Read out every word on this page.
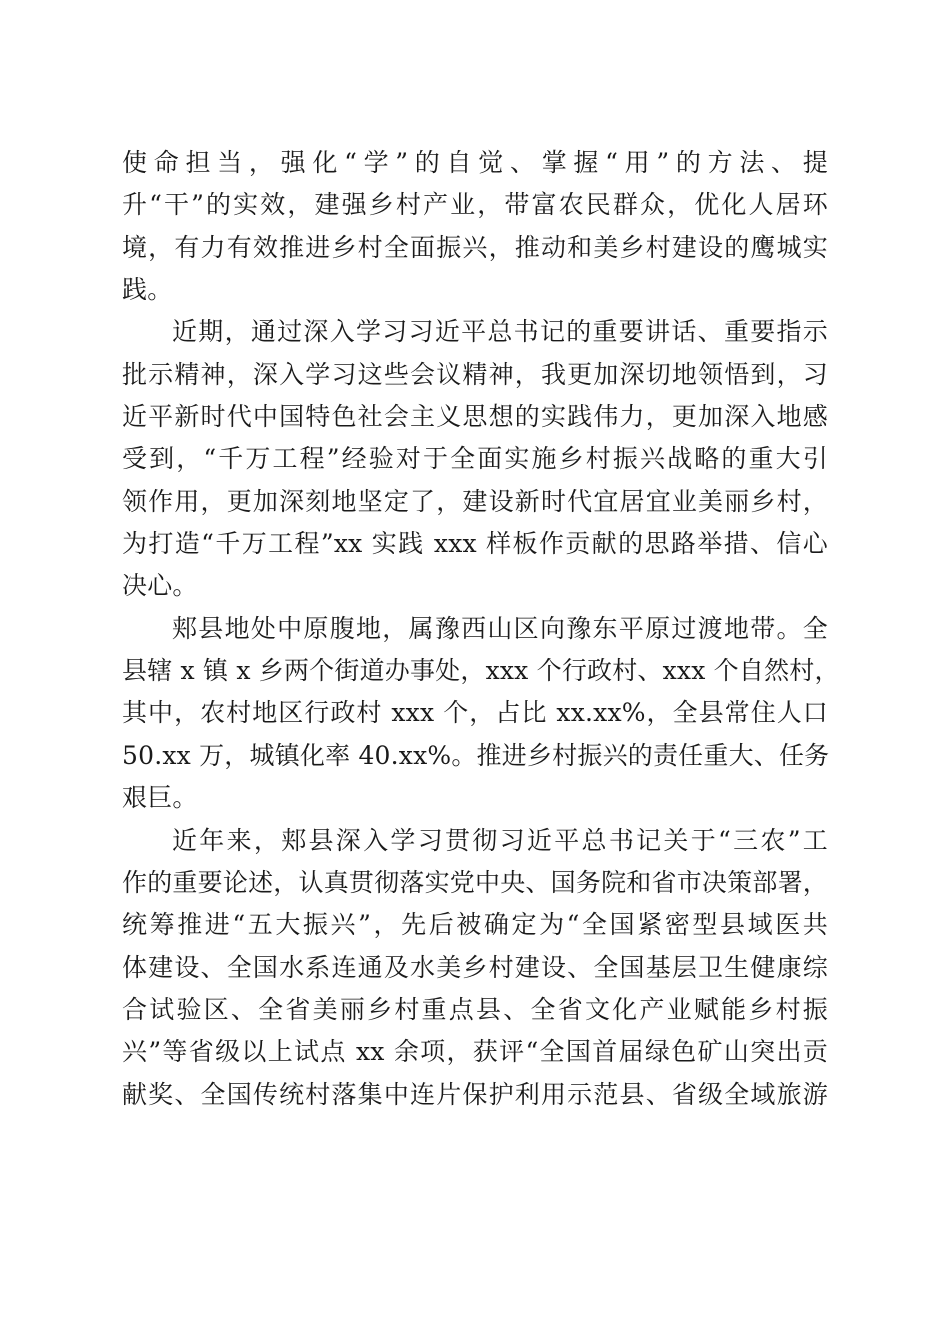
使命担当，强化“学”的自觉、掌握“用”的方法、提
升“干”的实效，建强乡村产业，带富农民群众，优化人居环
境，有力有效推进乡村全面振兴，推动和美乡村建设的鹰城实
践。
近期，通过深入学习习近平总书记的重要讲话、重要指示
批示精神，深入学习这些会议精神，我更加深切地领悟到，习
近平新时代中国特色社会主义思想的实践伟力，更加深入地感
受到，“千万工程”经验对于全面实施乡村振兴战略的重大引
领作用，更加深刻地坚定了，建设新时代宜居宜业美丽乡村，
为打造“千万工程”xx 实践 xxx 样板作贡献的思路举措、信心
决心。
郏县地处中原腹地，属豫西山区向豫东平原过渡地带。全
县辖 x 镇 x 乡两个街道办事处，xxx 个行政村、xxx 个自然村，
其中，农村地区行政村 xxx 个，占比 xx.xx%，全县常住人口
50.xx 万，城镇化率 40.xx%。推进乡村振兴的责任重大、任务
艰巨。
近年来，郏县深入学习贯彻习近平总书记关于“三农”工
作的重要论述，认真贯彻落实党中央、国务院和省市决策部署，
统筹推进“五大振兴”，先后被确定为“全国紧密型县域医共
体建设、全国水系连通及水美乡村建设、全国基层卫生健康综
合试验区、全省美丽乡村重点县、全省文化产业赋能乡村振
兴”等省级以上试点 xx 余项，获评“全国首届绿色矿山突出贡
献奖、全国传统村落集中连片保护利用示范县、省级全域旅游
